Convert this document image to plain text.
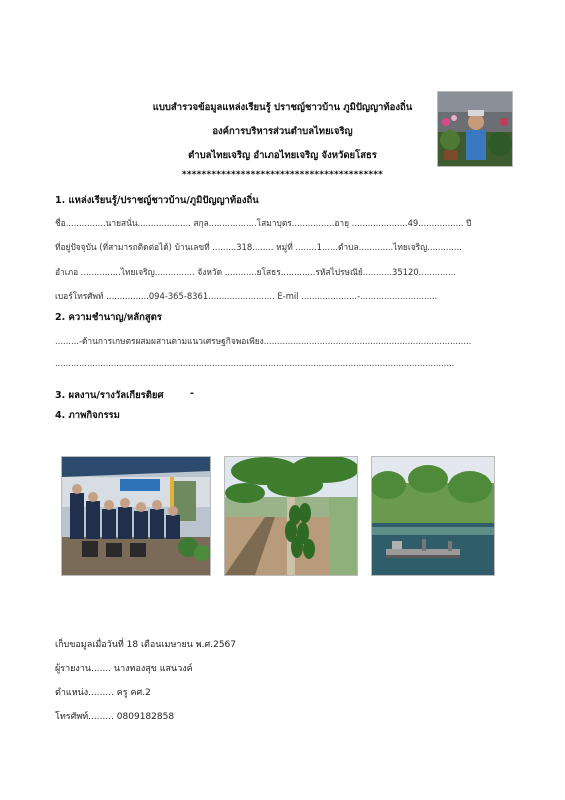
แบบสำรวจข้อมูลแหล่งเรียนรู้ ปราชญ์ชาวบ้าน ภูมิปัญญาท้องถิ่น
องค์การบริหารส่วนตำบลไทยเจริญ
ตำบลไทยเจริญ อำเภอไทยเจริญ จังหวัดยโสธร
*****************************************
1. แหล่งเรียนรู้/ปราชญ์ชาวบ้าน/ภูมิปัญญาท้องถิ่น
ชื่อ...............นายสนั่น.................... สกุล..................โสมาบุตร................อายุ .....................49................. ปี
ที่อยู่ปัจจุบัน (ที่สามารถติดต่อได้) บ้านเลขที่ .........318........ หมู่ที่ ........1......ตำบล.............ไทยเจริญ.............
อำเภอ ...............ไทยเจริญ............... จังหวัด ............ยโสธร.............รหัสไปรษณีย์...........35120..............
เบอร์โทรศัพท์ ................094-365-8361......................... E-mil .....................-.............................
2. ความชำนาญ/หลักสูตร
.........-ด้านการเกษตรผสมผสานตามแนวเศรษฐกิจพอเพียง..............................................................................
......................................................................................................................................................
3. ผลงาน/รางวัลเกียรติยศ	-
4. ภาพกิจกรรม
เก็บขอมูลเมื่อวันที่ 18 เดือนเมษายน พ.ศ.2567
ผู้รายงาน....... นางทองสุข แสนวงค์
ตำแหน่ง......... ครู คศ.2
โทรศัพท์......... 0809182858
